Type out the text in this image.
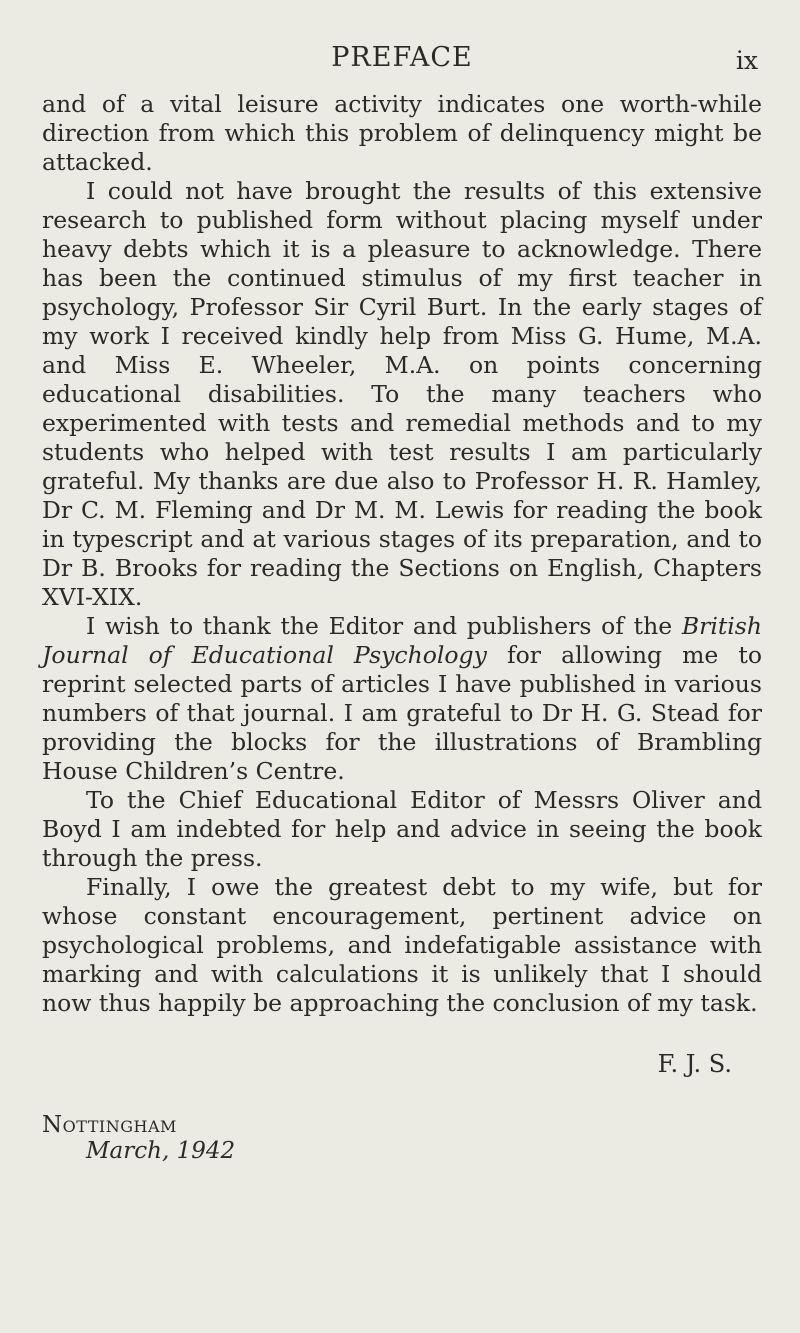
PREFACE	ix

and of a vital leisure activity indicates one worth-while direction from which this problem of delinquency might be attacked.

I could not have brought the results of this extensive research to published form without placing myself under heavy debts which it is a pleasure to acknowledge. There has been the continued stimulus of my first teacher in psychology, Professor Sir Cyril Burt. In the early stages of my work I received kindly help from Miss G. Hume, M.A. and Miss E. Wheeler, M.A. on points concerning educational disabilities. To the many teachers who experimented with tests and remedial methods and to my students who helped with test results I am particularly grateful. My thanks are due also to Professor H. R. Hamley, Dr C. M. Fleming and Dr M. M. Lewis for reading the book in typescript and at various stages of its preparation, and to Dr B. Brooks for reading the Sections on English, Chapters XVI-XIX.

I wish to thank the Editor and publishers of the British Journal of Educational Psychology for allowing me to reprint selected parts of articles I have published in various numbers of that journal. I am grateful to Dr H. G. Stead for providing the blocks for the illustrations of Brambling House Children’s Centre.

To the Chief Educational Editor of Messrs Oliver and Boyd I am indebted for help and advice in seeing the book through the press.

Finally, I owe the greatest debt to my wife, but for whose constant encouragement, pertinent advice on psychological problems, and indefatigable assistance with marking and with calculations it is unlikely that I should now thus happily be approaching the conclusion of my task.

F. J. S.
Nottingham
March, 1942
